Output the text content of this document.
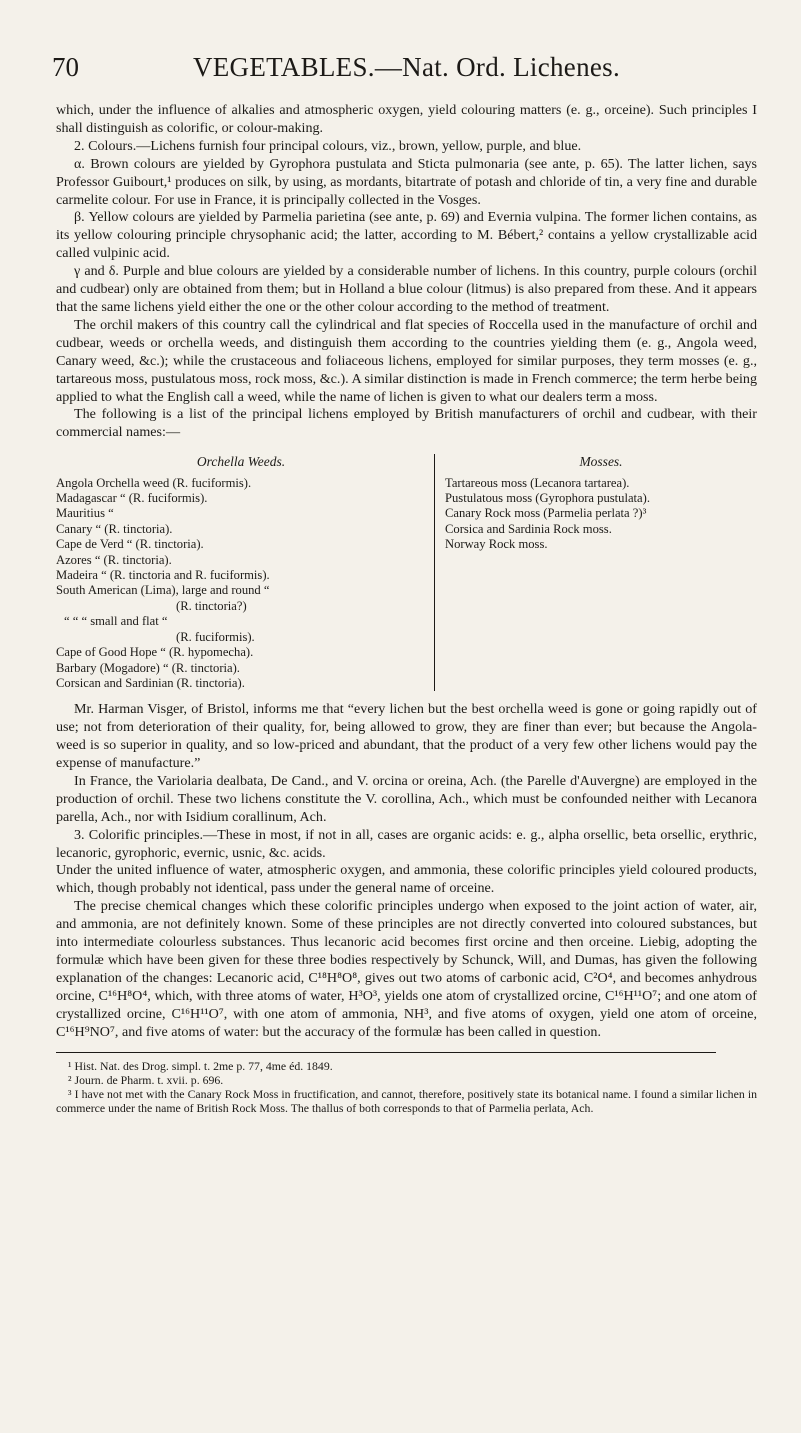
70	VEGETABLES.—Nat. Ord. Lichenes.

which, under the influence of alkalies and atmospheric oxygen, yield colouring matters (e. g., orceine). Such principles I shall distinguish as colorific, or colour-making.

2. Colours.—Lichens furnish four principal colours, viz., brown, yellow, purple, and blue.

α. Brown colours are yielded by Gyrophora pustulata and Sticta pulmonaria (see ante, p. 65). The latter lichen, says Professor Guibourt,¹ produces on silk, by using, as mordants, bitartrate of potash and chloride of tin, a very fine and durable carmelite colour. For use in France, it is principally collected in the Vosges.

β. Yellow colours are yielded by Parmelia parietina (see ante, p. 69) and Evernia vulpina. The former lichen contains, as its yellow colouring principle chrysophanic acid; the latter, according to M. Bébert,² contains a yellow crystallizable acid called vulpinic acid.

γ and δ. Purple and blue colours are yielded by a considerable number of lichens. In this country, purple colours (orchil and cudbear) only are obtained from them; but in Holland a blue colour (litmus) is also prepared from these. And it appears that the same lichens yield either the one or the other colour according to the method of treatment.

The orchil makers of this country call the cylindrical and flat species of Roccella used in the manufacture of orchil and cudbear, weeds or orchella weeds, and distinguish them according to the countries yielding them (e. g., Angola weed, Canary weed, &c.); while the crustaceous and foliaceous lichens, employed for similar purposes, they term mosses (e. g., tartareous moss, pustulatous moss, rock moss, &c.). A similar distinction is made in French commerce; the term herbe being applied to what the English call a weed, while the name of lichen is given to what our dealers term a moss.

The following is a list of the principal lichens employed by British manufacturers of orchil and cudbear, with their commercial names:—

Orchella Weeds.
Angola Orchella weed (R. fuciformis).
Madagascar “ (R. fuciformis).
Mauritius “
Canary “ (R. tinctoria).
Cape de Verd “ (R. tinctoria).
Azores “ (R. tinctoria).
Madeira “ (R. tinctoria and R. fuciformis).
South American (Lima), large and round “
(R. tinctoria?)
“ “ “ small and flat “
(R. fuciformis).
Cape of Good Hope “ (R. hypomecha).
Barbary (Mogadore) “ (R. tinctoria).
Corsican and Sardinian (R. tinctoria).
Mosses.
Tartareous moss (Lecanora tartarea).
Pustulatous moss (Gyrophora pustulata).
Canary Rock moss (Parmelia perlata ?)³
Corsica and Sardinia Rock moss.
Norway Rock moss.

Mr. Harman Visger, of Bristol, informs me that “every lichen but the best orchella weed is gone or going rapidly out of use; not from deterioration of their quality, for, being allowed to grow, they are finer than ever; but because the Angola-weed is so superior in quality, and so low-priced and abundant, that the product of a very few other lichens would pay the expense of manufacture.”

In France, the Variolaria dealbata, De Cand., and V. orcina or oreina, Ach. (the Parelle d'Auvergne) are employed in the production of orchil. These two lichens constitute the V. corollina, Ach., which must be confounded neither with Lecanora parella, Ach., nor with Isidium corallinum, Ach.

3. Colorific principles.—These in most, if not in all, cases are organic acids: e. g., alpha orsellic, beta orsellic, erythric, lecanoric, gyrophoric, evernic, usnic, &c. acids.

Under the united influence of water, atmospheric oxygen, and ammonia, these colorific principles yield coloured products, which, though probably not identical, pass under the general name of orceine.

The precise chemical changes which these colorific principles undergo when exposed to the joint action of water, air, and ammonia, are not definitely known. Some of these principles are not directly converted into coloured substances, but into intermediate colourless substances. Thus lecanoric acid becomes first orcine and then orceine. Liebig, adopting the formulæ which have been given for these three bodies respectively by Schunck, Will, and Dumas, has given the following explanation of the changes: Lecanoric acid, C¹⁸H⁸O⁸, gives out two atoms of carbonic acid, C²O⁴, and becomes anhydrous orcine, C¹⁶H⁸O⁴, which, with three atoms of water, H³O³, yields one atom of crystallized orcine, C¹⁶H¹¹O⁷; and one atom of crystallized orcine, C¹⁶H¹¹O⁷, with one atom of ammonia, NH³, and five atoms of oxygen, yield one atom of orceine, C¹⁶H⁹NO⁷, and five atoms of water: but the accuracy of the formulæ has been called in question.

¹ Hist. Nat. des Drog. simpl. t. 2me p. 77, 4me éd. 1849.

² Journ. de Pharm. t. xvii. p. 696.

³ I have not met with the Canary Rock Moss in fructification, and cannot, therefore, positively state its botanical name. I found a similar lichen in commerce under the name of British Rock Moss. The thallus of both corresponds to that of Parmelia perlata, Ach.
